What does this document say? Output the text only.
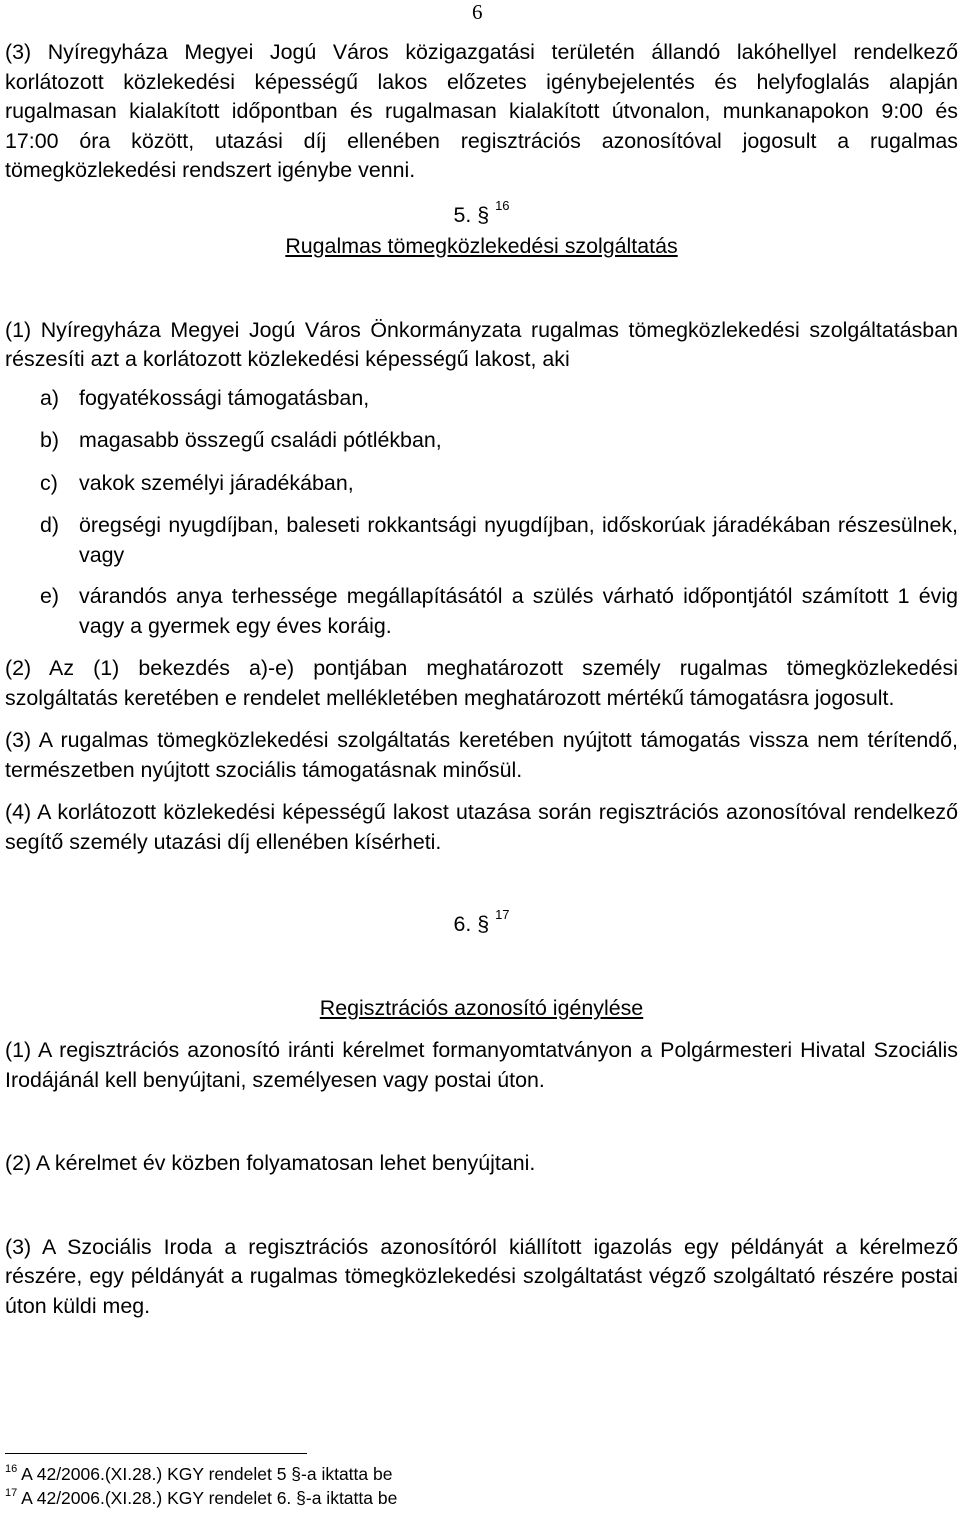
6

(3) Nyíregyháza Megyei Jogú Város közigazgatási területén állandó lakóhellyel rendelkező korlátozott közlekedési képességű lakos előzetes igénybejelentés és helyfoglalás alapján rugalmasan kialakított időpontban és rugalmasan kialakított útvonalon, munkanapokon 9:00 és 17:00 óra között, utazási díj ellenében regisztrációs azonosítóval jogosult a rugalmas tömegközlekedési rendszert igénybe venni.

5. § $^{16}$
Rugalmas tömegközlekedési szolgáltatás

(1) Nyíregyháza Megyei Jogú Város Önkormányzata rugalmas tömegközlekedési szolgáltatásban részesíti azt a korlátozott közlekedési képességű lakost, aki

a) fogyatékossági támogatásban,
b) magasabb összegű családi pótlékban,
c) vakok személyi járadékában,
d) öregségi nyugdíjban, baleseti rokkantsági nyugdíjban, időskorúak járadékában részesülnek, vagy
e) várandós anya terhessége megállapításától a szülés várható időpontjától számított 1 évig vagy a gyermek egy éves koráig.

(2) Az (1) bekezdés a)-e) pontjában meghatározott személy rugalmas tömegközlekedési szolgáltatás keretében e rendelet mellékletében meghatározott mértékű támogatásra jogosult.

(3) A rugalmas tömegközlekedési szolgáltatás keretében nyújtott támogatás vissza nem térítendő, természetben nyújtott szociális támogatásnak minősül.

(4) A korlátozott közlekedési képességű lakost utazása során regisztrációs azonosítóval rendelkező segítő személy utazási díj ellenében kísérheti.

6. § $^{17}$
Regisztrációs azonosító igénylése

(1) A regisztrációs azonosító iránti kérelmet formanyomtatványon a Polgármesteri Hivatal Szociális Irodájánál kell benyújtani, személyesen vagy postai úton.

(2) A kérelmet év közben folyamatosan lehet benyújtani.

(3) A Szociális Iroda a regisztrációs azonosítóról kiállított igazolás egy példányát a kérelmező részére, egy példányát a rugalmas tömegközlekedési szolgáltatást végző szolgáltató részére postai úton küldi meg.

$^{16}$ A 42/2006.(XI.28.) KGY rendelet 5 §-a iktatta be
$^{17}$ A 42/2006.(XI.28.) KGY rendelet 6. §-a iktatta be
